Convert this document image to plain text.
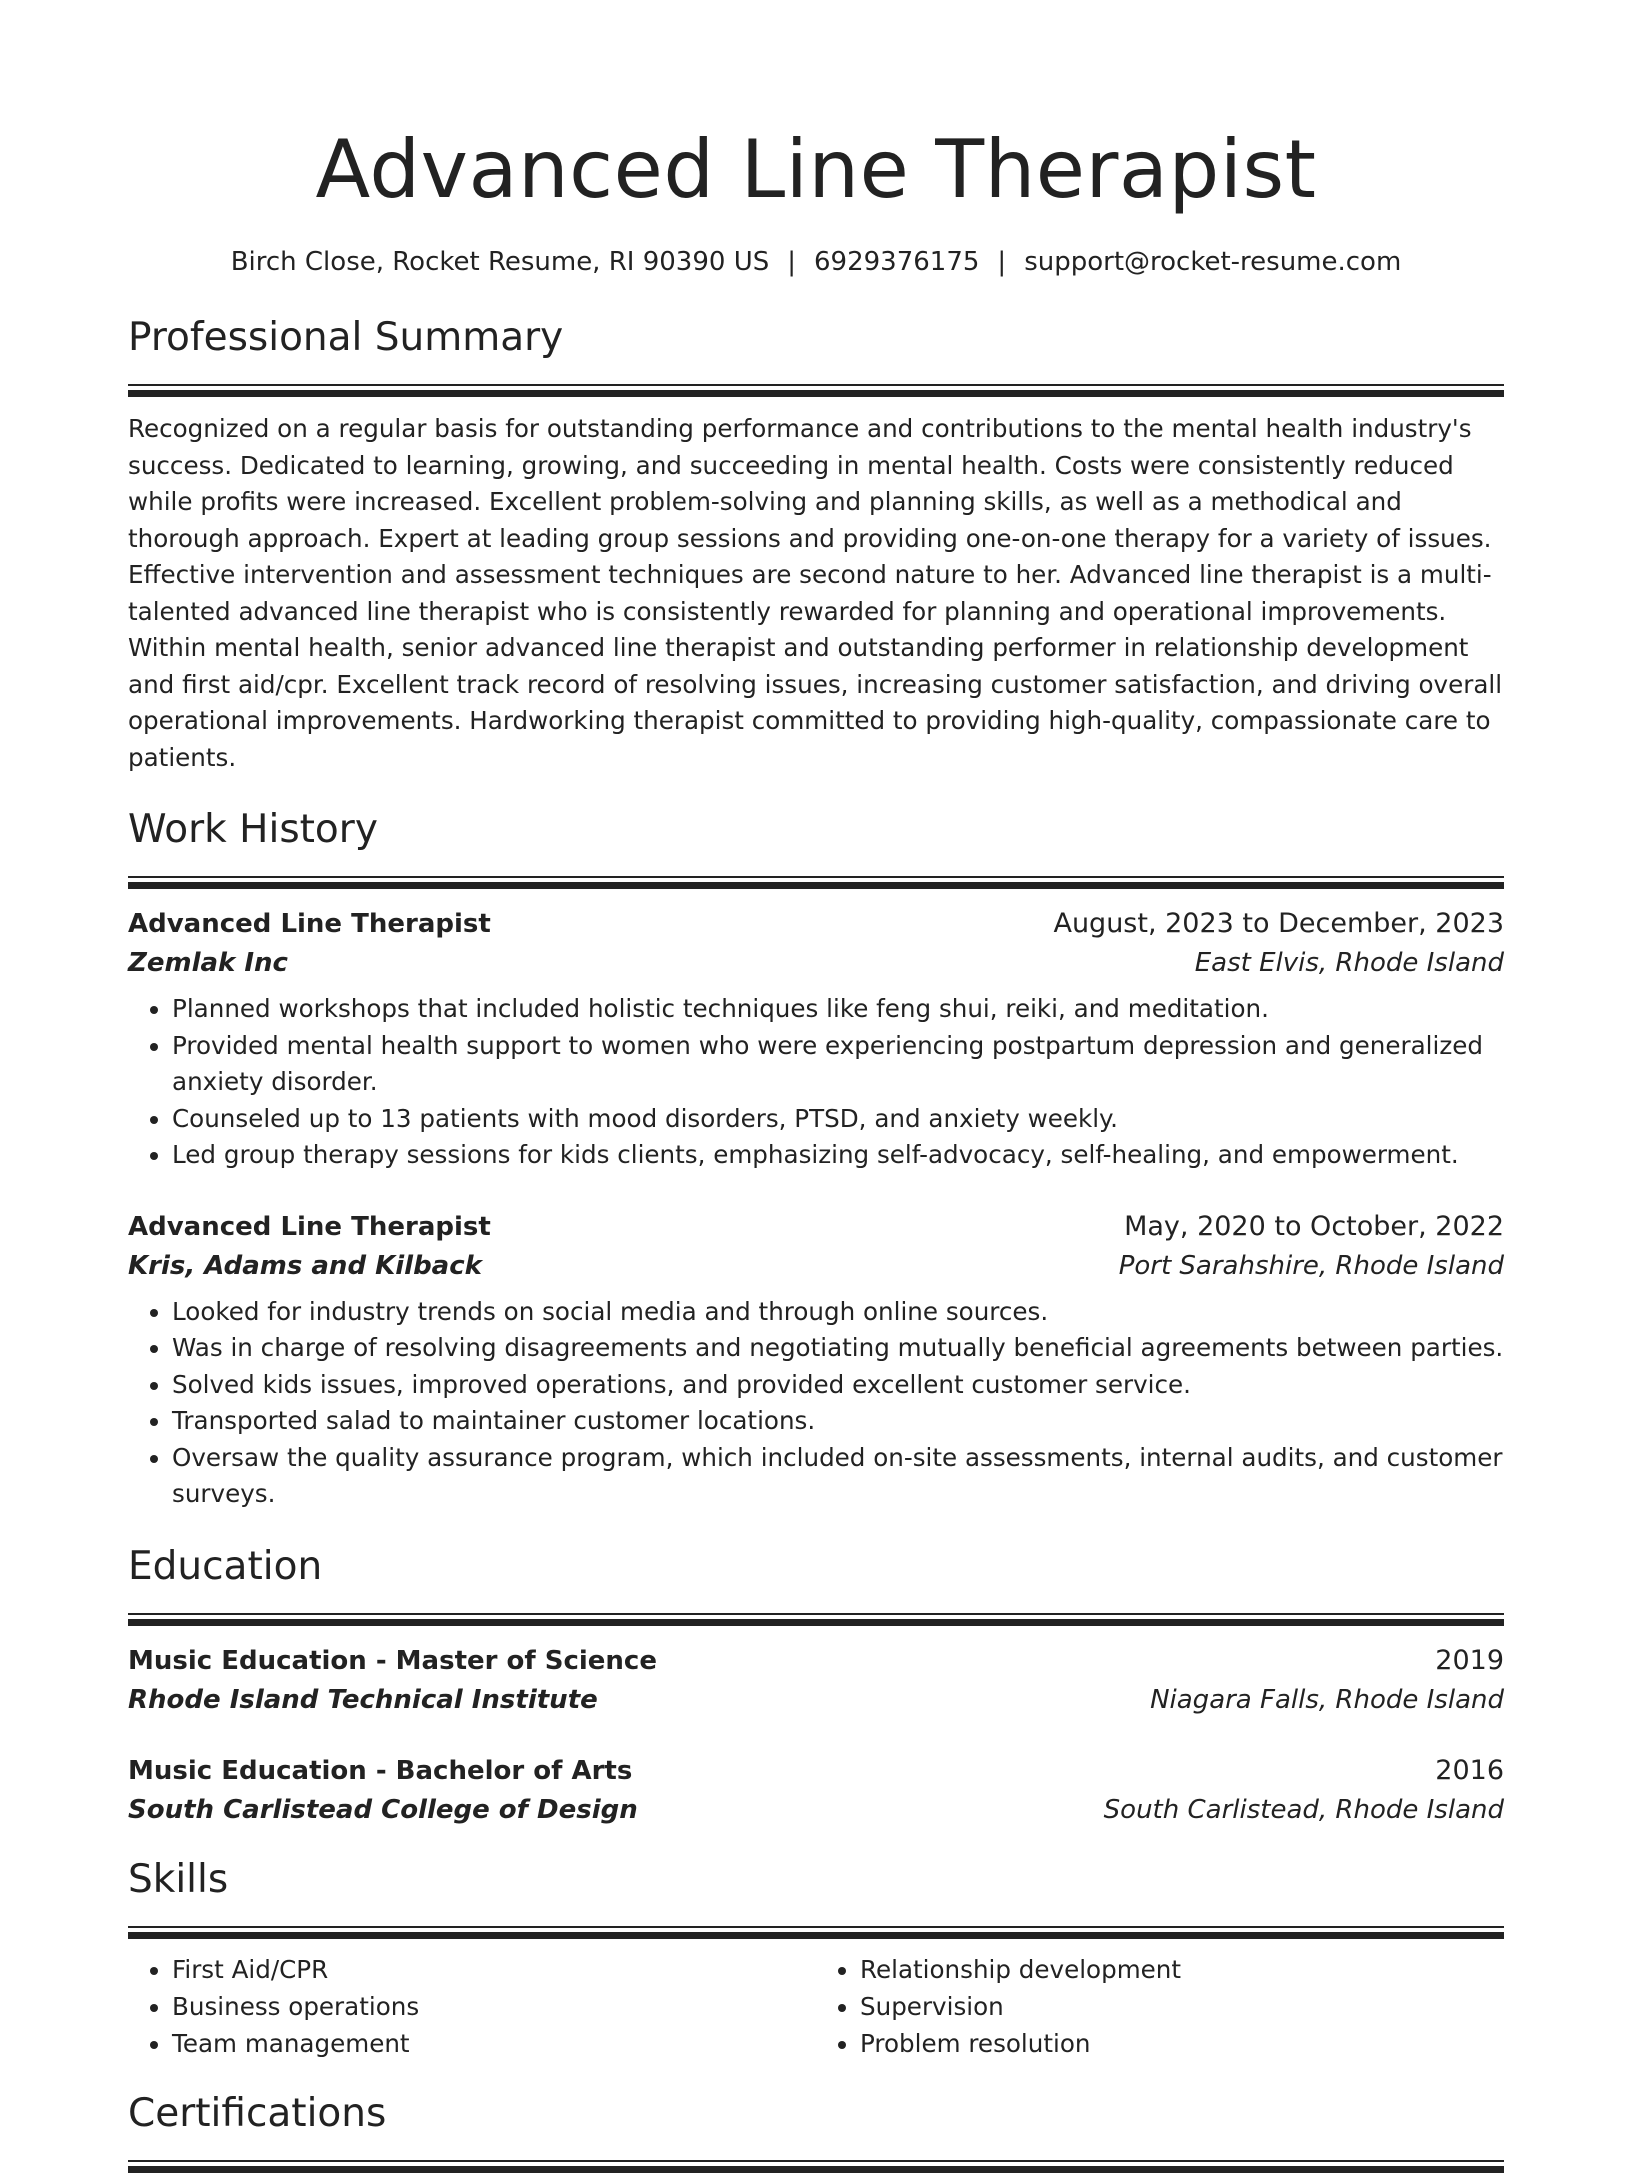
Advanced Line Therapist
Birch Close, Rocket Resume, RI 90390 US | 6929376175 | support@rocket-resume.com
Professional Summary
Recognized on a regular basis for outstanding performance and contributions to the mental health industry's success. Dedicated to learning, growing, and succeeding in mental health. Costs were consistently reduced while profits were increased. Excellent problem-solving and planning skills, as well as a methodical and thorough approach. Expert at leading group sessions and providing one-on-one therapy for a variety of issues. Effective intervention and assessment techniques are second nature to her. Advanced line therapist is a multi-talented advanced line therapist who is consistently rewarded for planning and operational improvements. Within mental health, senior advanced line therapist and outstanding performer in relationship development and first aid/cpr. Excellent track record of resolving issues, increasing customer satisfaction, and driving overall operational improvements. Hardworking therapist committed to providing high-quality, compassionate care to patients.
Work History
Advanced Line Therapist	August, 2023 to December, 2023
Zemlak Inc	East Elvis, Rhode Island
• Planned workshops that included holistic techniques like feng shui, reiki, and meditation.
• Provided mental health support to women who were experiencing postpartum depression and generalized anxiety disorder.
• Counseled up to 13 patients with mood disorders, PTSD, and anxiety weekly.
• Led group therapy sessions for kids clients, emphasizing self-advocacy, self-healing, and empowerment.
Advanced Line Therapist	May, 2020 to October, 2022
Kris, Adams and Kilback	Port Sarahshire, Rhode Island
• Looked for industry trends on social media and through online sources.
• Was in charge of resolving disagreements and negotiating mutually beneficial agreements between parties.
• Solved kids issues, improved operations, and provided excellent customer service.
• Transported salad to maintainer customer locations.
• Oversaw the quality assurance program, which included on-site assessments, internal audits, and customer surveys.
Education
Music Education - Master of Science	2019
Rhode Island Technical Institute	Niagara Falls, Rhode Island
Music Education - Bachelor of Arts	2016
South Carlistead College of Design	South Carlistead, Rhode Island
Skills
• First Aid/CPR
• Business operations
• Team management
• Relationship development
• Supervision
• Problem resolution
Certifications
